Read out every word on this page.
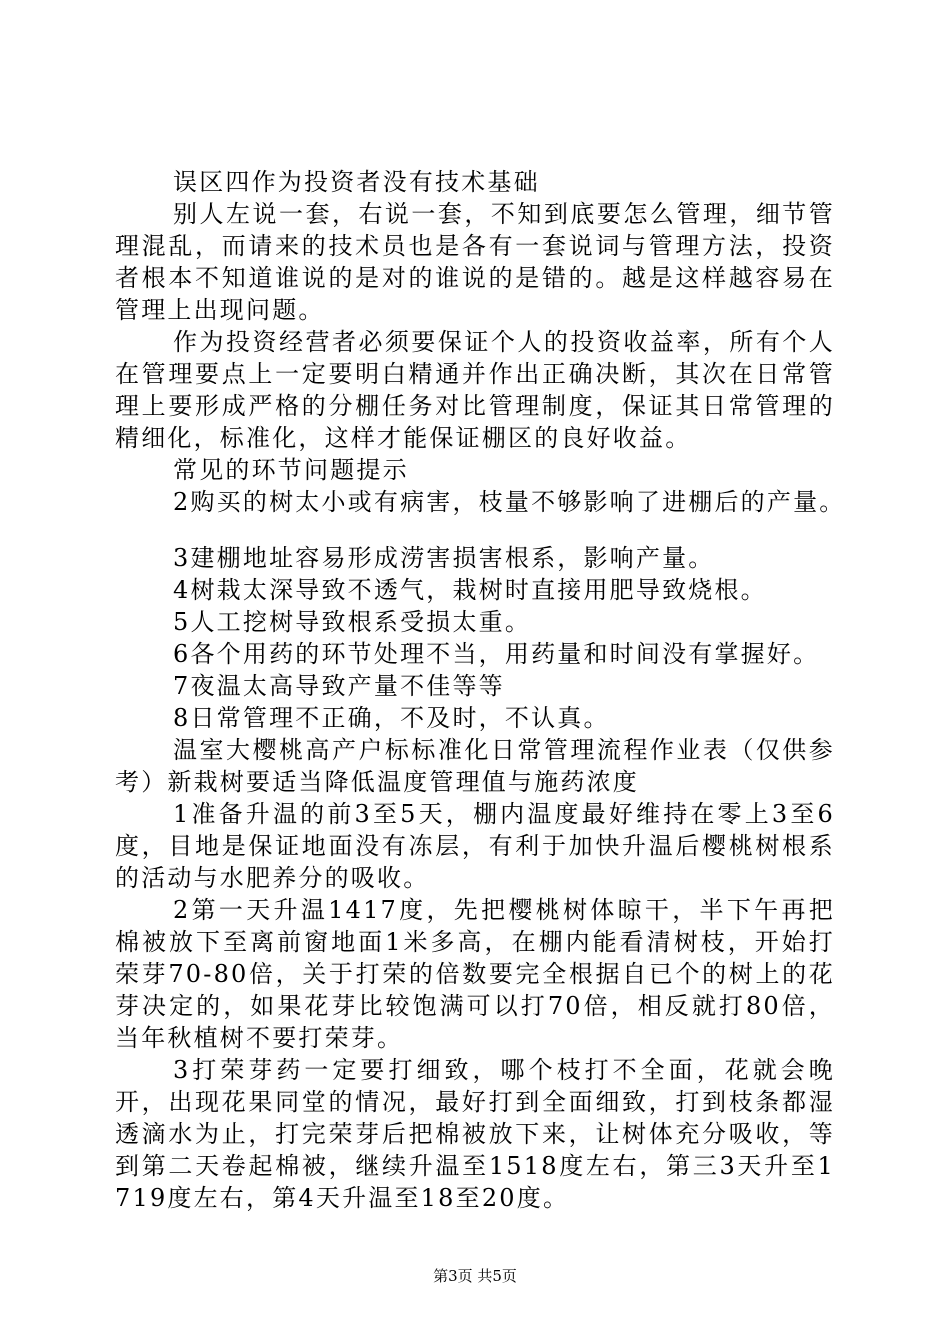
误区四作为投资者没有技术基础

别人左说一套，右说一套，不知到底要怎么管理，细节管理混乱，而请来的技术员也是各有一套说词与管理方法，投资者根本不知道谁说的是对的谁说的是错的。越是这样越容易在管理上出现问题。

作为投资经营者必须要保证个人的投资收益率，所有个人在管理要点上一定要明白精通并作出正确决断，其次在日常管理上要形成严格的分棚任务对比管理制度，保证其日常管理的精细化，标准化，这样才能保证棚区的良好收益。

常见的环节问题提示

2购买的树太小或有病害，枝量不够影响了进棚后的产量。

3建棚地址容易形成涝害损害根系，影响产量。

4树栽太深导致不透气，栽树时直接用肥导致烧根。

5人工挖树导致根系受损太重。

6各个用药的环节处理不当，用药量和时间没有掌握好。

7夜温太高导致产量不佳等等

8日常管理不正确，不及时，不认真。

温室大樱桃高产户标标准化日常管理流程作业表（仅供参考）新栽树要适当降低温度管理值与施药浓度

1准备升温的前3至5天，棚内温度最好维持在零上3至6度，目地是保证地面没有冻层，有利于加快升温后樱桃树根系的活动与水肥养分的吸收。

2第一天升温1417度，先把樱桃树体晾干，半下午再把棉被放下至离前窗地面1米多高，在棚内能看清树枝，开始打荣芽70-80倍，关于打荣的倍数要完全根据自已个的树上的花芽决定的，如果花芽比较饱满可以打70倍，相反就打80倍，当年秋植树不要打荣芽。

3打荣芽药一定要打细致，哪个枝打不全面，花就会晚开，出现花果同堂的情况，最好打到全面细致，打到枝条都湿透滴水为止，打完荣芽后把棉被放下来，让树体充分吸收，等到第二天卷起棉被，继续升温至1518度左右，第三3天升至1719度左右，第4天升温至18至20度。

第3页 共5页
